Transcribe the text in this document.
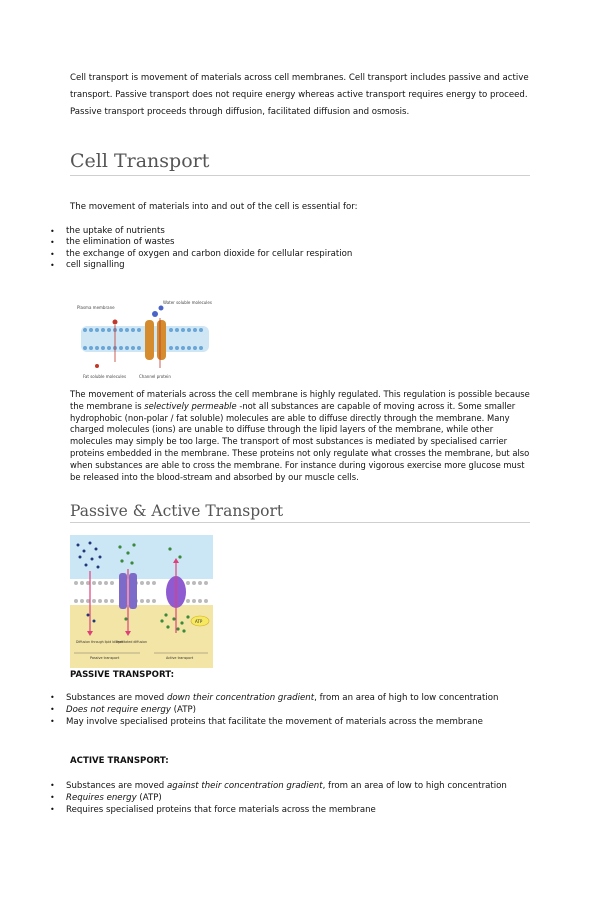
Cell transport is movement of materials across cell membranes. Cell transport includes passive and active transport. Passive transport does not require energy whereas active transport requires energy to proceed. Passive transport proceeds through diffusion, facilitated diffusion and osmosis.
Cell Transport
The movement of materials into and out of the cell is essential for:
• the uptake of nutrients
• the elimination of wastes
• the exchange of oxygen and carbon dioxide for cellular respiration
• cell signalling
Plasma membrane
Water soluble molecules
Fat soluble molecules	Channel protein
The movement of materials across the cell membrane is highly regulated. This regulation is possible because the membrane is selectively permeable -not all substances are capable of moving across it. Some smaller hydrophobic (non-polar / fat soluble) molecules are able to diffuse directly through the membrane. Many charged molecules (ions) are unable to diffuse through the lipid layers of the membrane, while other molecules may simply be too large. The transport of most substances is mediated by specialised carrier proteins embedded in the membrane. These proteins not only regulate what crosses the membrane, but also when substances are able to cross the membrane. For instance during vigorous exercise more glucose must be released into the blood-stream and absorbed by our muscle cells.
Passive & Active Transport
ATP
Diffusion through lipid bilayer
Facilitated diffusion
Passive transport	Active transport
PASSIVE TRANSPORT:
• Substances are moved down their concentration gradient, from an area of high to low concentration
• Does not require energy (ATP)
• May involve specialised proteins that facilitate the movement of materials across the membrane
ACTIVE TRANSPORT:
• Substances are moved against their concentration gradient, from an area of low to high concentration
• Requires energy (ATP)
• Requires specialised proteins that force materials across the membrane
